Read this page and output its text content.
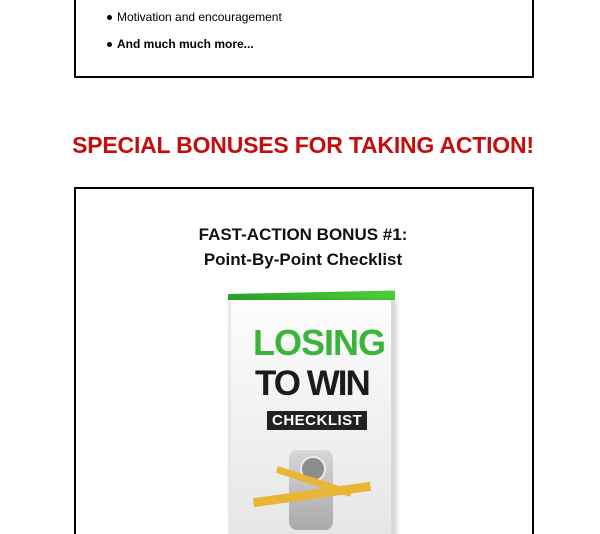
Motivation and encouragement
And much much more...
SPECIAL BONUSES FOR TAKING ACTION!
FAST-ACTION BONUS #1:
Point-By-Point Checklist
LOSING
TO WIN
CHECKLIST
